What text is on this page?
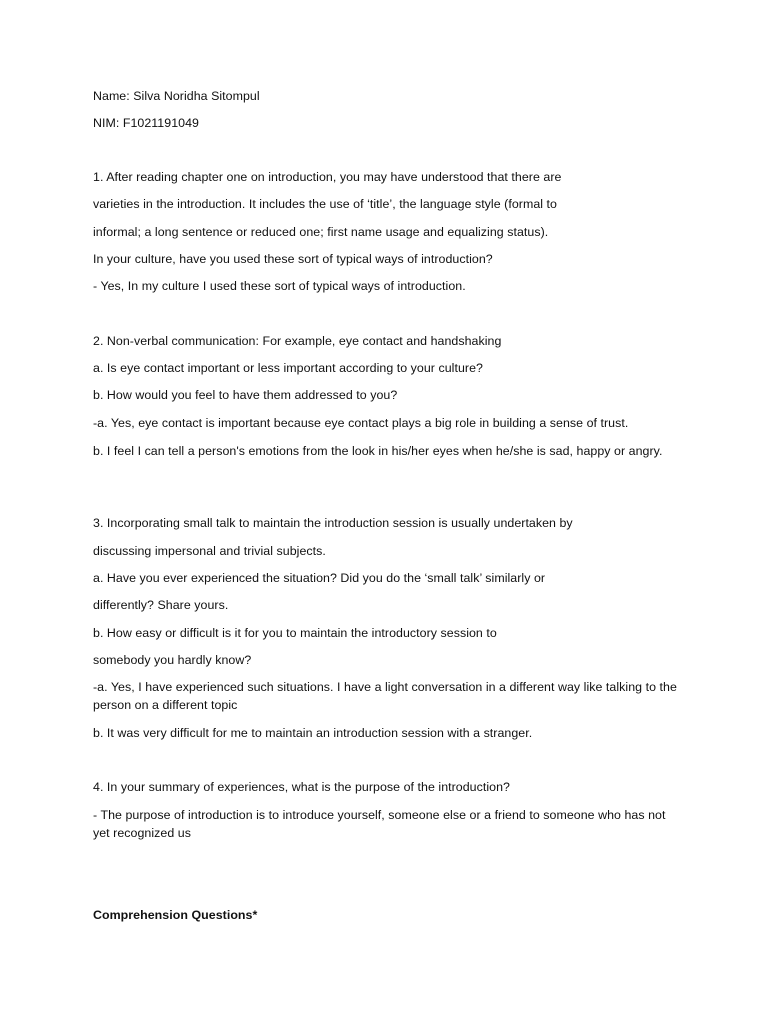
Name: Silva Noridha Sitompul
NIM: F1021191049
1. After reading chapter one on introduction, you may have understood that there are
varieties in the introduction. It includes the use of ‘title’, the language style (formal to
informal; a long sentence or reduced one; first name usage and equalizing status).
In your culture, have you used these sort of typical ways of introduction?
- Yes, In my culture I used these sort of typical ways of introduction.
2. Non-verbal communication: For example, eye contact and handshaking
a. Is eye contact important or less important according to your culture?
b. How would you feel to have them addressed to you?
-a. Yes, eye contact is important because eye contact plays a big role in building a sense of trust.
b. I feel I can tell a person's emotions from the look in his/her eyes when he/she is sad, happy or angry.
3. Incorporating small talk to maintain the introduction session is usually undertaken by
discussing impersonal and trivial subjects.
a. Have you ever experienced the situation? Did you do the ‘small talk’ similarly or
differently? Share yours.
b. How easy or difficult is it for you to maintain the introductory session to
somebody you hardly know?
-a. Yes, I have experienced such situations. I have a light conversation in a different way like talking to the person on a different topic
b. It was very difficult for me to maintain an introduction session with a stranger.
4. In your summary of experiences, what is the purpose of the introduction?
- The purpose of introduction is to introduce yourself, someone else or a friend to someone who has not yet recognized us
Comprehension Questions*
